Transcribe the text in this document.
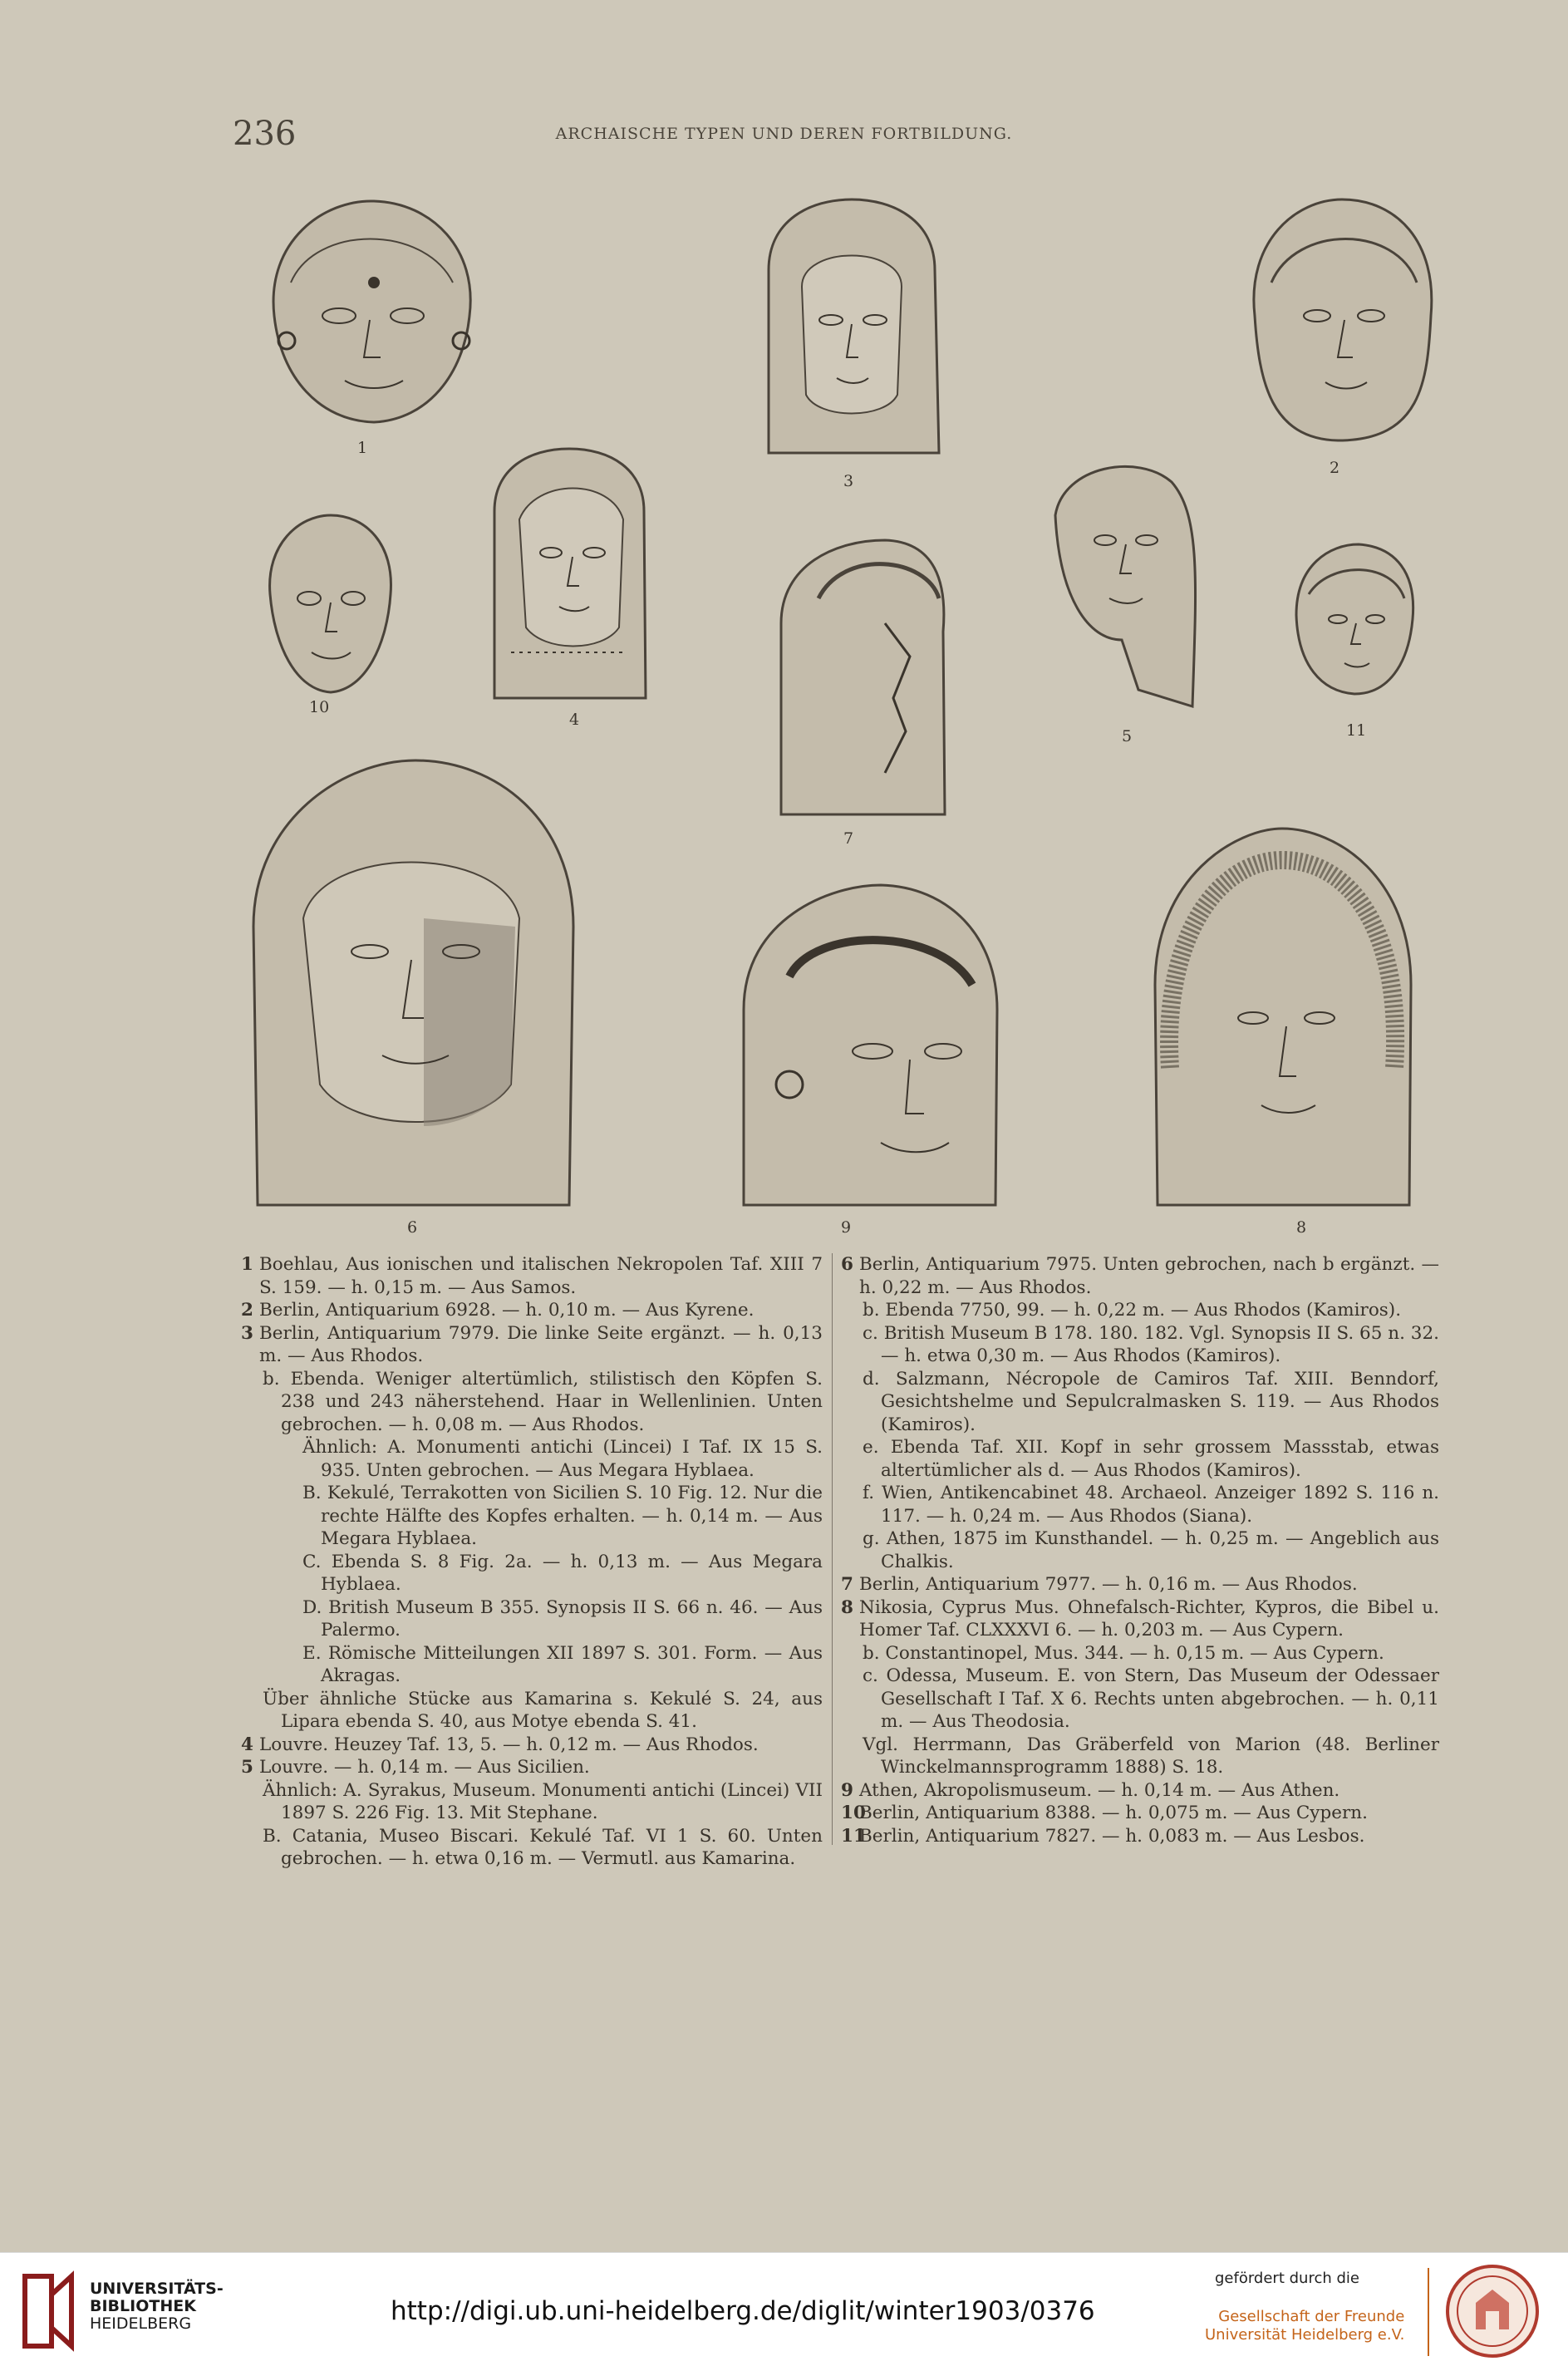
236	ARCHAISCHE TYPEN UND DEREN FORTBILDUNG.
1
3
2
10
4
7
5	11
6	9	8

1 Boehlau, Aus ionischen und italischen Nekropolen Taf. XIII 7 S. 159. — h. 0,15 m. — Aus Samos.

2 Berlin, Antiquarium 6928. — h. 0,10 m. — Aus Kyrene.

3 Berlin, Antiquarium 7979. Die linke Seite ergänzt. — h. 0,13 m. — Aus Rhodos.

b. Ebenda. Weniger altertümlich, stilistisch den Köpfen S. 238 und 243 näherstehend. Haar in Wellenlinien. Unten gebrochen. — h. 0,08 m. — Aus Rhodos.

Ähnlich: A. Monumenti antichi (Lincei) I Taf. IX 15 S. 935. Unten gebrochen. — Aus Megara Hyblaea.

B. Kekulé, Terrakotten von Sicilien S. 10 Fig. 12. Nur die rechte Hälfte des Kopfes erhalten. — h. 0,14 m. — Aus Megara Hyblaea.

C. Ebenda S. 8 Fig. 2a. — h. 0,13 m. — Aus Megara Hyblaea.

D. British Museum B 355. Synopsis II S. 66 n. 46. — Aus Palermo.

E. Römische Mitteilungen XII 1897 S. 301. Form. — Aus Akragas.

Über ähnliche Stücke aus Kamarina s. Kekulé S. 24, aus Lipara ebenda S. 40, aus Motye ebenda S. 41.

4 Louvre. Heuzey Taf. 13, 5. — h. 0,12 m. — Aus Rhodos.

5 Louvre. — h. 0,14 m. — Aus Sicilien.

Ähnlich: A. Syrakus, Museum. Monumenti antichi (Lincei) VII 1897 S. 226 Fig. 13. Mit Stephane.

B. Catania, Museo Biscari. Kekulé Taf. VI 1 S. 60. Unten gebrochen. — h. etwa 0,16 m. — Vermutl. aus Kamarina.

6 Berlin, Antiquarium 7975. Unten gebrochen, nach b ergänzt. — h. 0,22 m. — Aus Rhodos.

b. Ebenda 7750, 99. — h. 0,22 m. — Aus Rhodos (Kamiros).

c. British Museum B 178. 180. 182. Vgl. Synopsis II S. 65 n. 32. — h. etwa 0,30 m. — Aus Rhodos (Kamiros).

d. Salzmann, Nécropole de Camiros Taf. XIII. Benndorf, Gesichtshelme und Sepulcralmasken S. 119. — Aus Rhodos (Kamiros).

e. Ebenda Taf. XII. Kopf in sehr grossem Massstab, etwas altertümlicher als d. — Aus Rhodos (Kamiros).

f. Wien, Antikencabinet 48. Archaeol. Anzeiger 1892 S. 116 n. 117. — h. 0,24 m. — Aus Rhodos (Siana).

g. Athen, 1875 im Kunsthandel. — h. 0,25 m. — Angeblich aus Chalkis.

7 Berlin, Antiquarium 7977. — h. 0,16 m. — Aus Rhodos.

8 Nikosia, Cyprus Mus. Ohnefalsch-Richter, Kypros, die Bibel u. Homer Taf. CLXXXVI 6. — h. 0,203 m. — Aus Cypern.

b. Constantinopel, Mus. 344. — h. 0,15 m. — Aus Cypern.

c. Odessa, Museum. E. von Stern, Das Museum der Odessaer Gesellschaft I Taf. X 6. Rechts unten abgebrochen. — h. 0,11 m. — Aus Theodosia.

Vgl. Herrmann, Das Gräberfeld von Marion (48. Berliner Winckelmannsprogramm 1888) S. 18.

9 Athen, Akropolismuseum. — h. 0,14 m. — Aus Athen.

10Berlin, Antiquarium 8388. — h. 0,075 m. — Aus Cypern.

11Berlin, Antiquarium 7827. — h. 0,083 m. — Aus Lesbos.

UNIVERSITÄTS-
BIBLIOTHEK
HEIDELBERG	http://digi.ub.uni-heidelberg.de/diglit/winter1903/0376
gefördert durch die
Gesellschaft der Freunde
Universität Heidelberg e.V.
